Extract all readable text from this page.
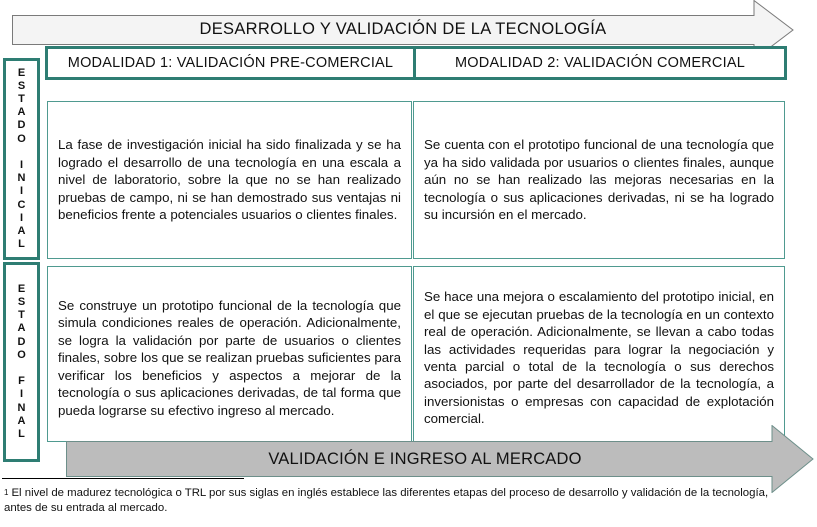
DESARROLLO Y VALIDACIÓN DE LA TECNOLOGÍA
MODALIDAD 1: VALIDACIÓN PRE-COMERCIAL	MODALIDAD 2: VALIDACIÓN COMERCIAL
E
S
T
A
D
O
I
N
I
C
I
A
L
E
S
T
A
D
O
F
I
N
A
L

La fase de investigación inicial ha sido finalizada y se ha logrado el desarrollo de una tecnología en una escala a nivel de laboratorio, sobre la que no se han realizado pruebas de campo, ni se han demostrado sus ventajas ni beneficios frente a potenciales usuarios o clientes finales.

Se cuenta con el prototipo funcional de una tecnología que ya ha sido validada por usuarios o clientes finales, aunque aún no se han realizado las mejoras necesarias en la tecnología o sus aplicaciones derivadas, ni se ha logrado su incursión en el mercado.

Se construye un prototipo funcional de la tecnología que simula condiciones reales de operación. Adicionalmente, se logra la validación por parte de usuarios o clientes finales, sobre los que se realizan pruebas suficientes para verificar los beneficios y aspectos a mejorar de la tecnología o sus aplicaciones derivadas, de tal forma que pueda lograrse su efectivo ingreso al mercado.

Se hace una mejora o escalamiento del prototipo inicial, en el que se ejecutan pruebas de la tecnología en un contexto real de operación. Adicionalmente, se llevan a cabo todas las actividades requeridas para lograr la negociación y venta parcial o total de la tecnología o sus derechos asociados, por parte del desarrollador de la tecnología, a inversionistas o empresas con capacidad de explotación comercial.

VALIDACIÓN E INGRESO AL MERCADO
$^1$ El nivel de madurez tecnológica o TRL por sus siglas en inglés establece las diferentes etapas del proceso de desarrollo y validación de la tecnología, antes de su entrada al mercado.
